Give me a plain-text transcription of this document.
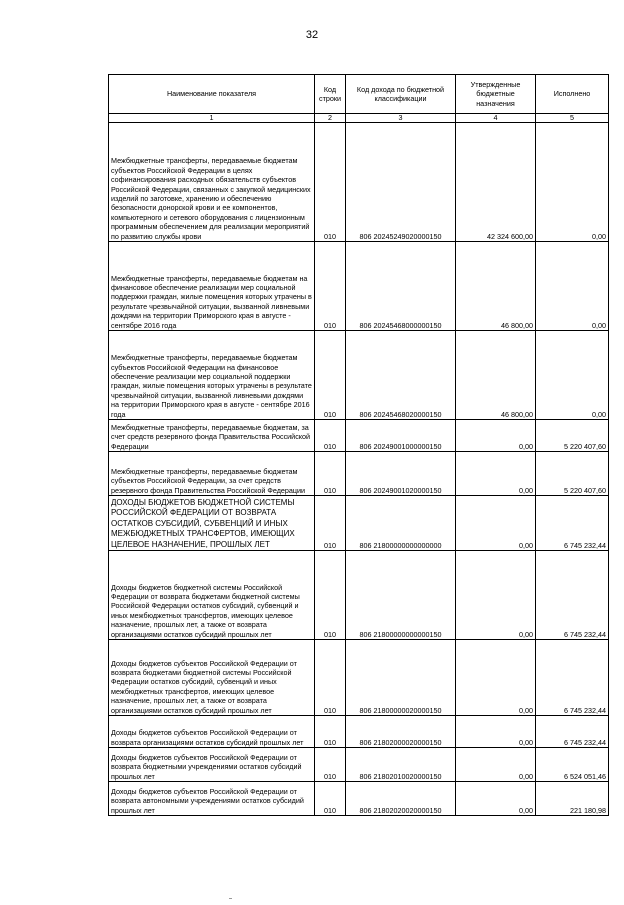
32
Наименование показателя	Код строки	Код дохода по бюджетной классификации	Утвержденные бюджетные назначения	Исполнено
1	2	3	4	5
Межбюджетные трансферты, передаваемые бюджетам субъектов Российской Федерации в целях софинансирования расходных обязательств субъектов Российской Федерации, связанных с закупкой медицинских изделий по заготовке, хранению и обеспечению безопасности донорской крови и ее компонентов, компьютерного и сетевого оборудования с лицензионным программным обеспечением для реализации мероприятий по развитию службы крови	010	806 20245249020000150	42 324 600,00	0,00
Межбюджетные трансферты, передаваемые бюджетам на финансовое обеспечение реализации мер социальной поддержки граждан, жилые помещения которых утрачены в результате чрезвычайной ситуации, вызванной ливневыми дождями на территории Приморского края в августе - сентябре 2016 года	010	806 20245468000000150	46 800,00	0,00
Межбюджетные трансферты, передаваемые бюджетам субъектов Российской Федерации на финансовое обеспечение реализации мер социальной поддержки граждан, жилые помещения которых утрачены в результате чрезвычайной ситуации, вызванной ливневыми дождями на территории Приморского края в августе - сентябре 2016 года	010	806 20245468020000150	46 800,00	0,00
Межбюджетные трансферты, передаваемые бюджетам, за счет средств резервного фонда Правительства Российской Федерации	010	806 20249001000000150	0,00	5 220 407,60
Межбюджетные трансферты, передаваемые бюджетам субъектов Российской Федерации, за счет средств резервного фонда Правительства Российской Федерации	010	806 20249001020000150	0,00	5 220 407,60
ДОХОДЫ БЮДЖЕТОВ БЮДЖЕТНОЙ СИСТЕМЫ РОССИЙСКОЙ ФЕДЕРАЦИИ ОТ ВОЗВРАТА ОСТАТКОВ СУБСИДИЙ, СУБВЕНЦИЙ И ИНЫХ МЕЖБЮДЖЕТНЫХ ТРАНСФЕРТОВ, ИМЕЮЩИХ ЦЕЛЕВОЕ НАЗНАЧЕНИЕ, ПРОШЛЫХ ЛЕТ	010	806 21800000000000000	0,00	6 745 232,44
Доходы бюджетов бюджетной системы Российской Федерации от возврата бюджетами бюджетной системы Российской Федерации остатков субсидий, субвенций и иных межбюджетных трансфертов, имеющих целевое назначение, прошлых лет, а также от возврата организациями остатков субсидий прошлых лет	010	806 21800000000000150	0,00	6 745 232,44
Доходы бюджетов субъектов Российской Федерации от возврата бюджетами бюджетной системы Российской Федерации остатков субсидий, субвенций и иных межбюджетных трансфертов, имеющих целевое назначение, прошлых лет, а также от возврата организациями остатков субсидий прошлых лет	010	806 21800000020000150	0,00	6 745 232,44
Доходы бюджетов субъектов Российской Федерации от возврата организациями остатков субсидий прошлых лет	010	806 21802000020000150	0,00	6 745 232,44
Доходы бюджетов субъектов Российской Федерации от возврата бюджетными учреждениями остатков субсидий прошлых лет	010	806 21802010020000150	0,00	6 524 051,46
Доходы бюджетов субъектов Российской Федерации от возврата автономными учреждениями остатков субсидий прошлых лет	010	806 21802020020000150	0,00	221 180,98
